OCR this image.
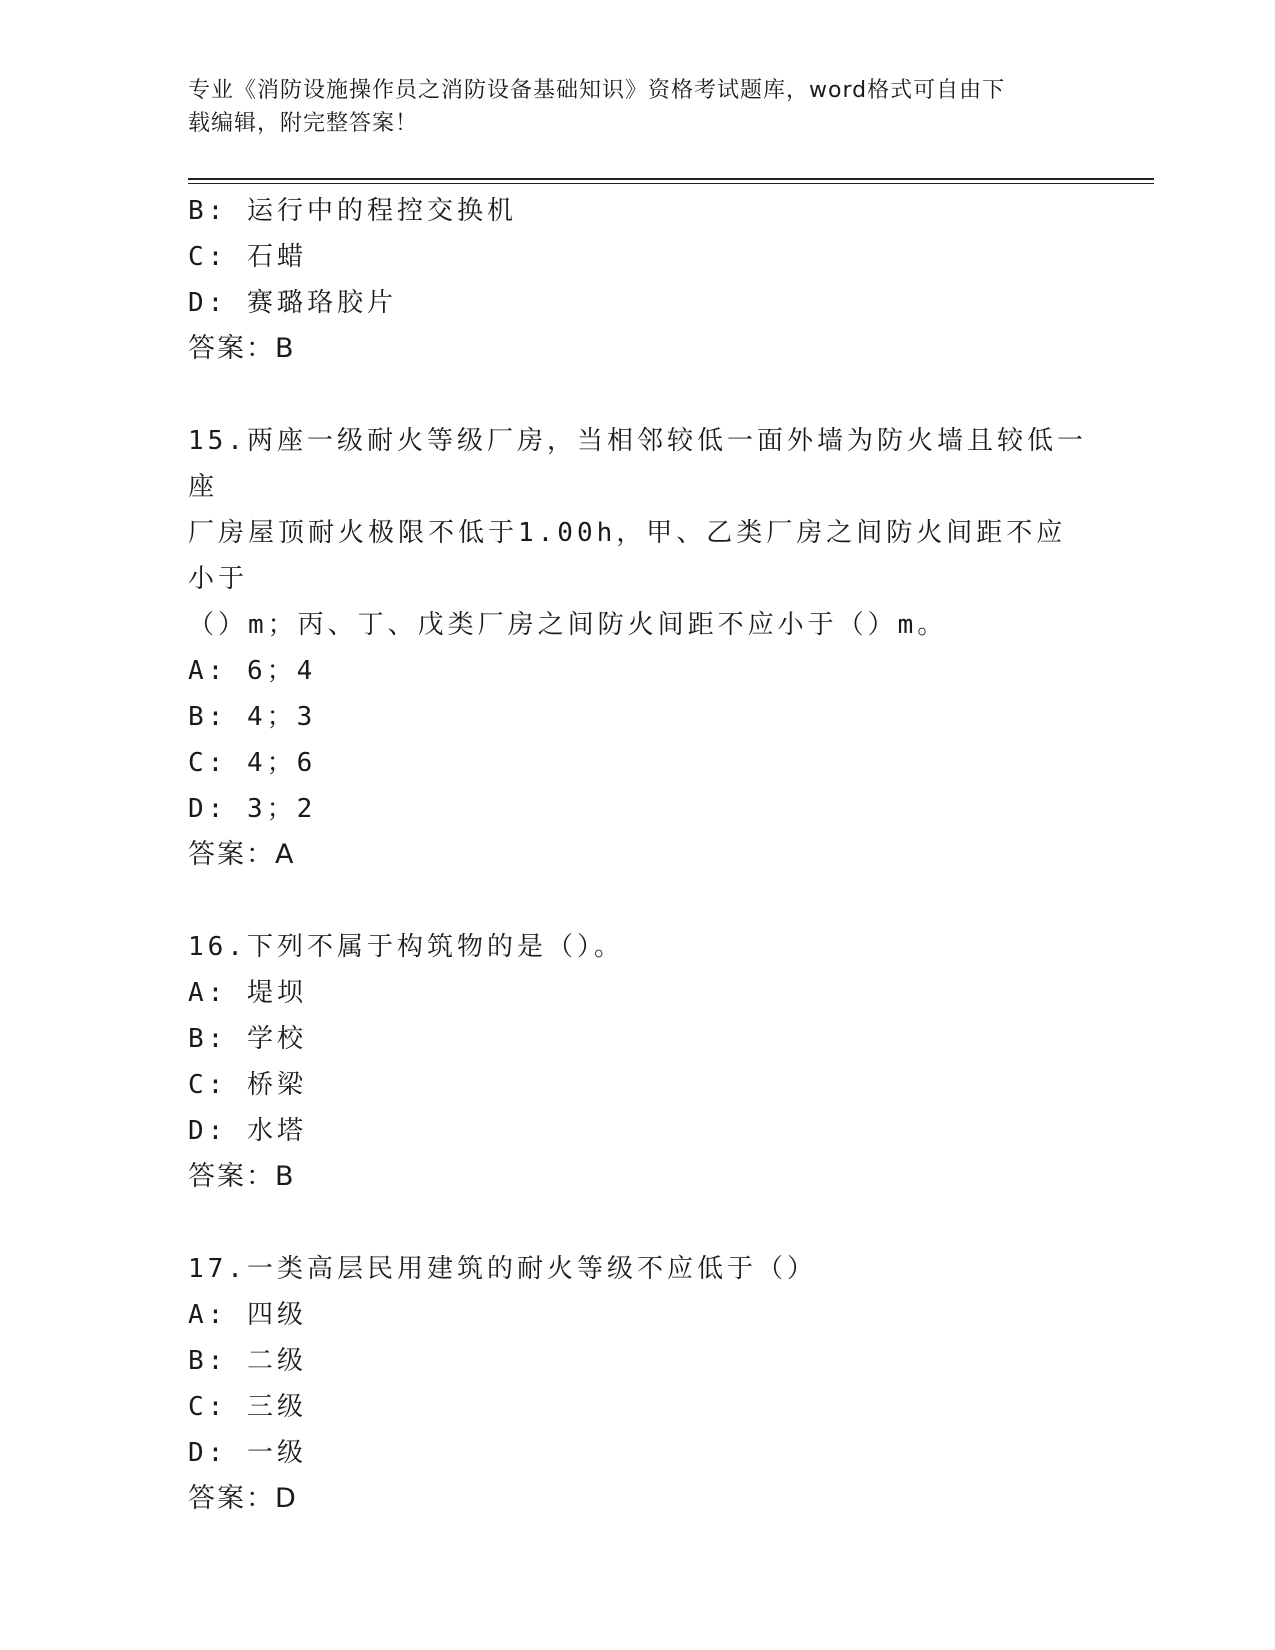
专业《消防设施操作员之消防设备基础知识》资格考试题库，word格式可自由下
载编辑，附完整答案！
B: 运行中的程控交换机
C: 石蜡
D: 赛璐珞胶片
答案：B
15.两座一级耐火等级厂房，当相邻较低一面外墙为防火墙且较低一座
厂房屋顶耐火极限不低于1.00h，甲、乙类厂房之间防火间距不应小于
（）m；丙、丁、戊类厂房之间防火间距不应小于（）m。
A: 6；4
B: 4；3
C: 4；6
D: 3；2
答案：A
16.下列不属于构筑物的是（）。
A: 堤坝
B: 学校
C: 桥梁
D: 水塔
答案：B
17.一类高层民用建筑的耐火等级不应低于（）
A: 四级
B: 二级
C: 三级
D: 一级
答案：D
